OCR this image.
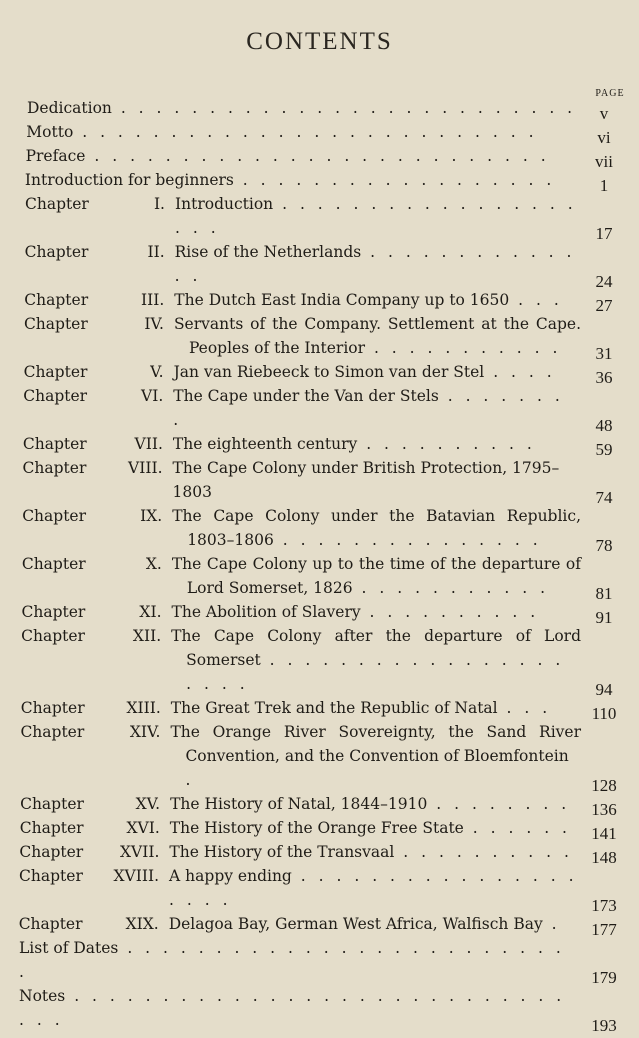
CONTENTS
PAGE
Dedication . . . . . . . . . . . . . . . . . . . . . . . . . .	v
Motto . . . . . . . . . . . . . . . . . . . . . . . . . .	vi
Preface . . . . . . . . . . . . . . . . . . . . . . . . . .	vii
Introduction for beginners . . . . . . . . . . . . . . . . . .	1
Chapter	I. Introduction . . . . . . . . . . . . . . . . . . . .	17
Chapter	II. Rise of the Netherlands . . . . . . . . . . . . . .	24
Chapter	III. The Dutch East India Company up to 1650 . . .	27
Chapter	IV. Servants of the Company. Settlement at the Cape.
Peoples of the Interior . . . . . . . . . . .	31
Chapter	V. Jan van Riebeeck to Simon van der Stel . . . .	36
Chapter	VI. The Cape under the Van der Stels . . . . . . . .	48
Chapter	VII. The eighteenth century . . . . . . . . . .	59
Chapter	VIII. The Cape Colony under British Protection, 1795–1803	74
Chapter	IX. The Cape Colony under the Batavian Republic,
1803–1806 . . . . . . . . . . . . . . .	78
Chapter	X. The Cape Colony up to the time of the departure of
Lord Somerset, 1826 . . . . . . . . . . .	81
Chapter	XI. The Abolition of Slavery . . . . . . . . . .	91
Chapter	XII. The Cape Colony after the departure of Lord
Somerset . . . . . . . . . . . . . . . . . . . . .	94
Chapter	XIII. The Great Trek and the Republic of Natal . . .	110
Chapter	XIV. The Orange River Sovereignty, the Sand River
Convention, and the Convention of Bloemfontein .	128
Chapter	XV. The History of Natal, 1844–1910 . . . . . . . .	136
Chapter	XVI. The History of the Orange Free State . . . . . .	141
Chapter	XVII. The History of the Transvaal . . . . . . . . . .	148
Chapter	XVIII. A happy ending . . . . . . . . . . . . . . . . . . . .	173
Chapter	XIX. Delagoa Bay, German West Africa, Walfisch Bay .	177
List of Dates . . . . . . . . . . . . . . . . . . . . . . . . . .	179
Notes . . . . . . . . . . . . . . . . . . . . . . . . . . . . . . .	193
